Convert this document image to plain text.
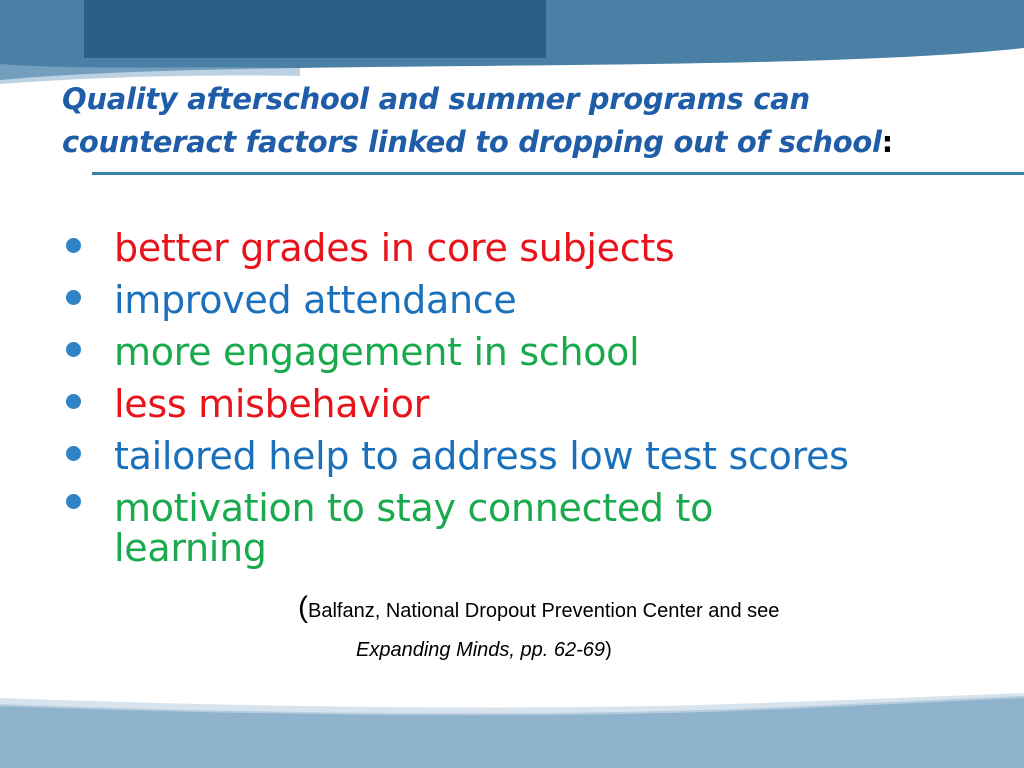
Quality afterschool and summer programs can
counteract factors linked to dropping out of school:
better grades in core subjects
improved attendance
more engagement in school
less misbehavior
tailored help to address low test scores
motivation to stay connected to learning
(Balfanz, National Dropout Prevention Center and see
Expanding Minds, pp. 62-69)
